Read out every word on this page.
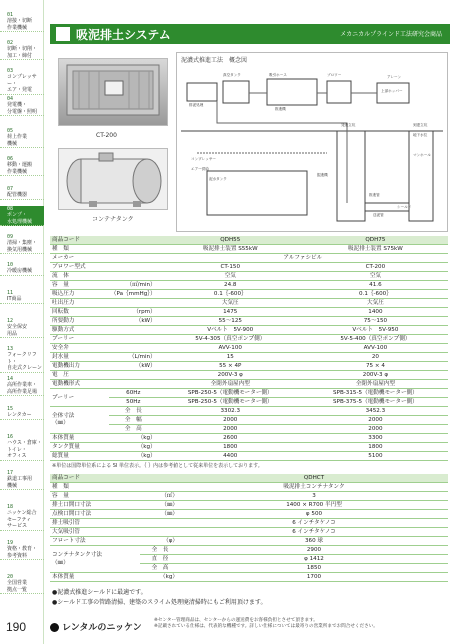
01
溶接・切断
作業機械
02
切断・切削・
加工・締付
03
コンプレッサー・
エア・発電
04
発電機・
分電盤・照明
05
荷上作業
機械
06
移動・運搬
作業機械
07
配管機器
08
ポンプ・
水処理機械
09
清掃・集塵・
換気用機械
10
冷暖房機械
11
IT商品
12
安全保安
用品
13
フォークリフト・
自走式クレーン
14
高所作業車・
高所作業足場
15
レンタカー
16
ハウス・倉庫・
トイレ・
オフィス
17
鉄道工事用
機械
18
ニッケン総合
セーフティ
サービス
19
資格・教育・
参考資料
20
全国営業
拠点一覧
190
吸泥排土システム	メカニカルプラインド工法研究会商品
CT-200
コンテナタンク
泥濃式推進工法　概念図
真空タンク
排泥処理
発進立坑
推進機
到達立坑
コンプレッサー
エアー供給
吸引ホース
シールド
ブロワー
推進管
送泥管
掘進機
アレーン
泥水タンク
マンホール
地下水位
上部ホッパー
商品コード		QDH55	QDH75
種　類		吸泥排土装置 S55kW	吸泥排土装置 S75kW
メーカー		アルファシビル	
ブロワー型式		CT-150	CT-200
流　体		空気	空気
容　量	（㎥/min）	24.8	41.6
吸込圧力	（Pa｛mmHg｝）	0.1｛-600｝	0.1｛-600｝
吐出圧力		大気圧	大気圧
回転数	（rpm）	1475	1400
所要動力	（kW）	55～125	75～150
駆動方式		Vベルト　5V-900	Vベルト　5V-950
プーリー		5V-4-305（真空ポンプ側）	5V-5-400（真空ポンプ側）
安全弁		AVV-100	AVV-100
封水量	（L/min）	15	20
電動機出力	（kW）	55 × 4P	75 × 4
電　圧		200V-3 φ	200V-3 φ
電動機形式		全閉外扇屋内型	全閉外扇屋内型
プーリー	60Hz	SPB-250-5（電動機モーター側）	SPB-315-5（電動機モーター側）
	50Hz	SPB-250-5（電動機モーター側）	SPB-375-5（電動機モーター側）
全体寸法
（㎜）	全　長	3302.3	3452.3
	全　幅	2000	2000
	全　高	2000	2000
本体質量	（kg）	2600	3300
タンク質量	（kg）	1800	1800
総質量	（kg）	4400	5100
※単位は国際単位系による SI 単位表示。｛ ｝内は参考値として従来単位を表示しております。
商品コード		QDHCT
種　類		吸泥排土コンテナタンク
容　量	（㎥）	3
排土口開口寸法	（㎜）	1400 × R700 半円型
点検口開口寸法	（㎜）	φ 500
排土吸引管		6 インチタケノコ
大気吸引管		6 インチタケノコ
フロート寸法	（φ）	360 球
コンテナタンク寸法
（㎜）	全　長	2900
	直　径	φ 1412
	全　高	1850
本体質量	（kg）	1700
●泥濃式推進シールドに最適です。
●シールド工事の管路清掃、建築のスライム処理廃清掃時にもご利用頂けます。
レンタルのニッケン
※センター管理商品は、センターからの運送費をお客様負担とさせて頂きます。
※記載されている仕様は、代表的な機種です。詳しい仕様については最寄りの営業所までお問合せください。
